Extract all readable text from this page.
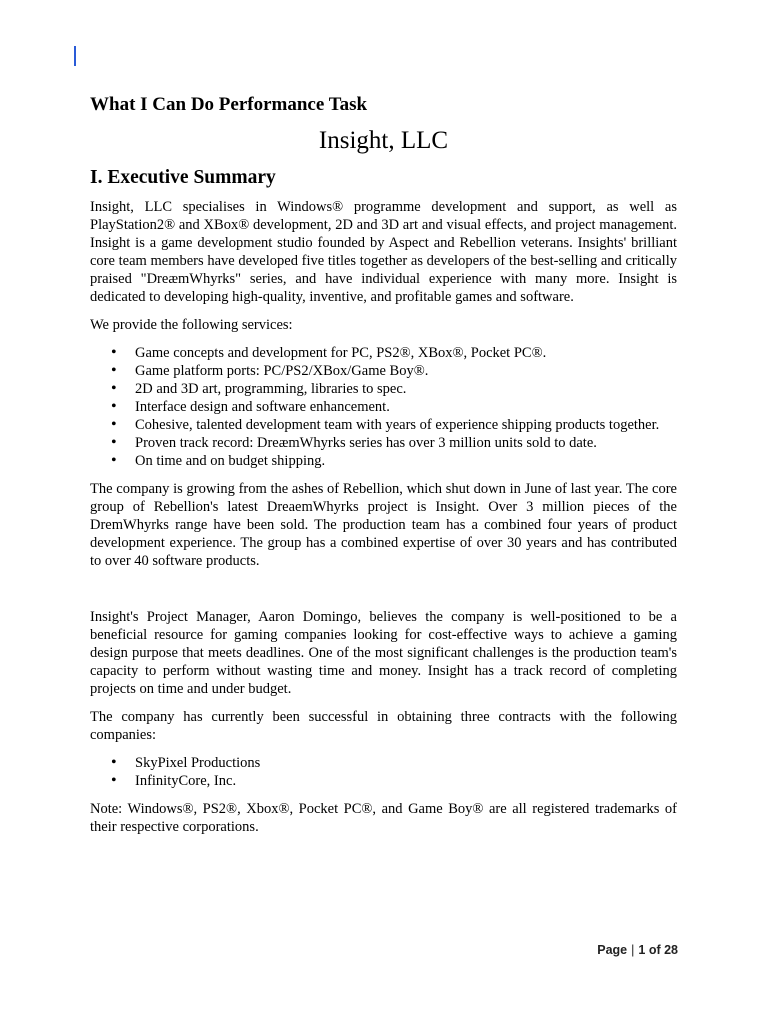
What I Can Do Performance Task
Insight, LLC
I. Executive Summary

Insight, LLC specialises in Windows® programme development and support, as well as PlayStation2® and XBox® development, 2D and 3D art and visual effects, and project management. Insight is a game development studio founded by Aspect and Rebellion veterans. Insights' brilliant core team members have developed five titles together as developers of the best-selling and critically praised "DreæmWhyrks" series, and have individual experience with many more. Insight is dedicated to developing high-quality, inventive, and profitable games and software.

We provide the following services:

• Game concepts and development for PC, PS2®, XBox®, Pocket PC®.
• Game platform ports: PC/PS2/XBox/Game Boy®.
• 2D and 3D art, programming, libraries to spec.
• Interface design and software enhancement.
• Cohesive, talented development team with years of experience shipping products together.
• Proven track record: DreæmWhyrks series has over 3 million units sold to date.
• On time and on budget shipping.

The company is growing from the ashes of Rebellion, which shut down in June of last year. The core group of Rebellion's latest DreaemWhyrks project is Insight. Over 3 million pieces of the DremWhyrks range have been sold. The production team has a combined four years of product development experience. The group has a combined expertise of over 30 years and has contributed to over 40 software products.

Insight's Project Manager, Aaron Domingo, believes the company is well-positioned to be a beneficial resource for gaming companies looking for cost-effective ways to achieve a gaming design purpose that meets deadlines. One of the most significant challenges is the production team's capacity to perform without wasting time and money. Insight has a track record of completing projects on time and under budget.

The company has currently been successful in obtaining three contracts with the following companies:

• SkyPixel Productions
• InfinityCore, Inc.

Note: Windows®, PS2®, Xbox®, Pocket PC®, and Game Boy® are all registered trademarks of their respective corporations.

Page | 1 of 28
